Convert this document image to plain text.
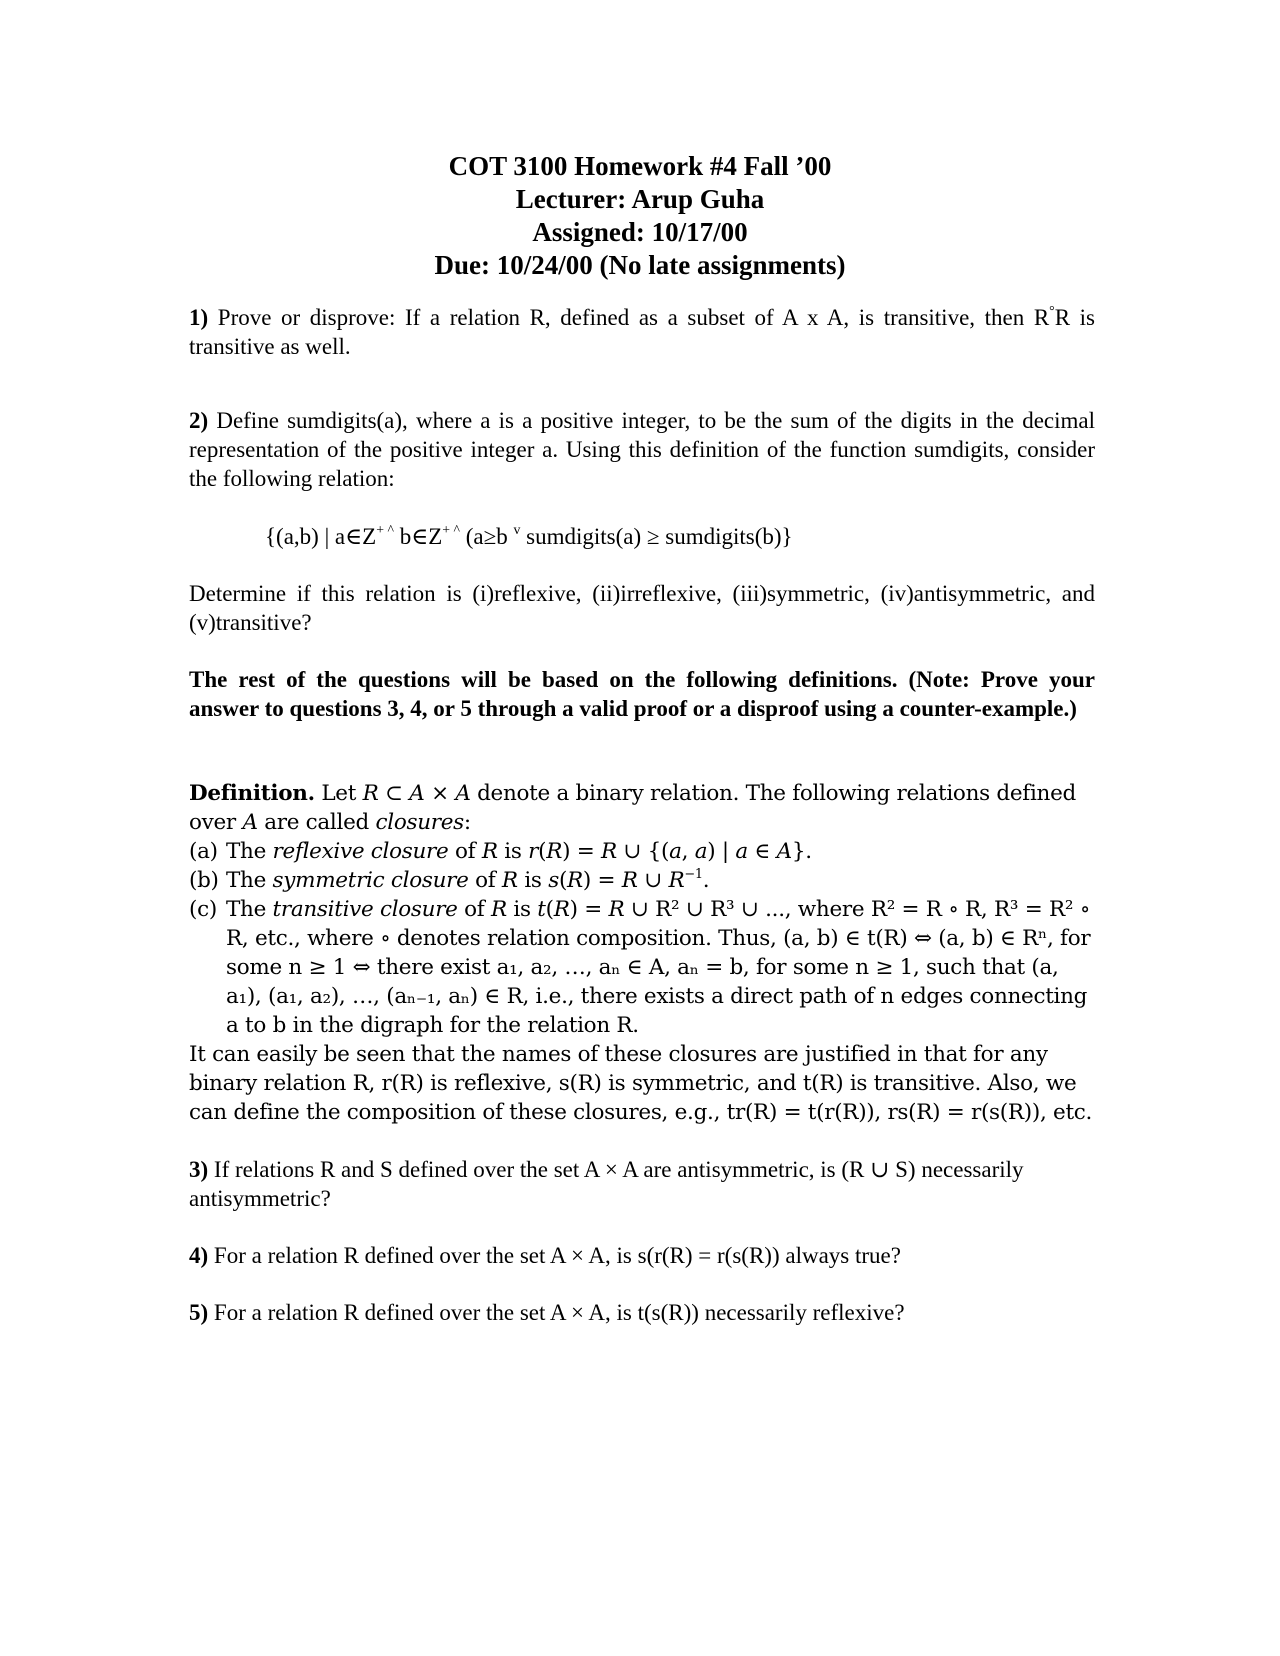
COT 3100 Homework #4 Fall ’00
Lecturer: Arup Guha
Assigned: 10/17/00
Due: 10/24/00 (No late assignments)
1) Prove or disprove: If a relation R, defined as a subset of A x A, is transitive, then R°R is transitive as well.
2) Define sumdigits(a), where a is a positive integer, to be the sum of the digits in the decimal representation of the positive integer a. Using this definition of the function sumdigits, consider the following relation:
{(a,b) | a∈Z+ ^ b∈Z+ ^ (a≥b $^v$ sumdigits(a) ≥ sumdigits(b)}
Determine if this relation is (i)reflexive, (ii)irreflexive, (iii)symmetric, (iv)antisymmetric, and (v)transitive?
The rest of the questions will be based on the following definitions. (Note: Prove your answer to questions 3, 4, or 5 through a valid proof or a disproof using a counter-example.)
Definition. Let R ⊂ A × A denote a binary relation. The following relations defined over A are called closures:
(a) The reflexive closure of R is r(R) = R ∪ {(a, a) | a ∈ A}.
(b) The symmetric closure of R is s(R) = R ∪ $R^{-1}$.
(c) The transitive closure of R is t(R) = R ∪ R² ∪ R³ ∪ ..., where R² = R ∘ R, R³ = R² ∘ R, etc., where ∘ denotes relation composition. Thus, (a, b) ∈ t(R) ⇔ (a, b) ∈ Rⁿ, for some n ≥ 1 ⇔ there exist a₁, a₂, …, aₙ ∈ A, aₙ = b, for some n ≥ 1, such that (a, a₁), (a₁, a₂), …, (aₙ₋₁, aₙ) ∈ R, i.e., there exists a direct path of n edges connecting a to b in the digraph for the relation R.
It can easily be seen that the names of these closures are justified in that for any binary relation R, r(R) is reflexive, s(R) is symmetric, and t(R) is transitive. Also, we can define the composition of these closures, e.g., tr(R) = t(r(R)), rs(R) = r(s(R)), etc.
3) If relations R and S defined over the set A × A are antisymmetric, is (R ∪ S) necessarily antisymmetric?
4) For a relation R defined over the set A × A, is s(r(R) = r(s(R)) always true?
5) For a relation R defined over the set A × A, is t(s(R)) necessarily reflexive?
